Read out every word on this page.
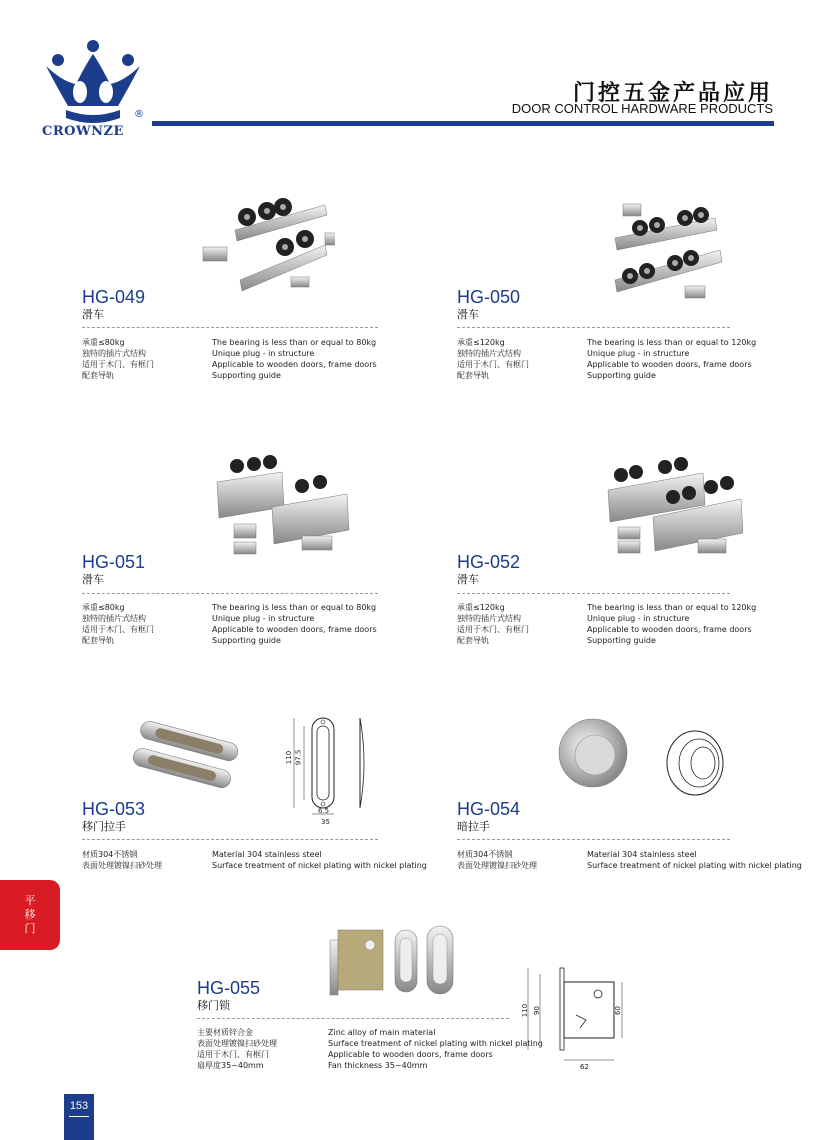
CROWNZE
®
门控五金产品应用
DOOR CONTROL HARDWARE PRODUCTS
110 97.5
6.5
35
110 90	60
62
HG-049
滑车
承重≤80kg
独特的插片式结构
适用于木门、有框门
配套导轨
The bearing is less than or equal to 80kg
Unique plug - in structure
Applicable to wooden doors, frame doors
Supporting guide
HG-050
滑车
承重≤120kg
独特的插片式结构
适用于木门、有框门
配套导轨
The bearing is less than or equal to 120kg
Unique plug - in structure
Applicable to wooden doors, frame doors
Supporting guide
HG-051
滑车
承重≤80kg
独特的插片式结构
适用于木门、有框门
配套导轨
The bearing is less than or equal to 80kg
Unique plug - in structure
Applicable to wooden doors, frame doors
Supporting guide
HG-052
滑车
承重≤120kg
独特的插片式结构
适用于木门、有框门
配套导轨
The bearing is less than or equal to 120kg
Unique plug - in structure
Applicable to wooden doors, frame doors
Supporting guide
HG-053
移门拉手
材质304不锈钢
表面处理镀镍扫砂处理
Material 304 stainless steel
Surface treatment of nickel plating with nickel plating
HG-054
暗拉手
材质304不锈钢
表面处理镀镍扫砂处理
Material 304 stainless steel
Surface treatment of nickel plating with nickel plating
HG-055
移门锁
主要材质锌合金
表面处理镀镍扫砂处理
适用于木门、有框门
扇厚度35~40mm
Zinc alloy of main material
Surface treatment of nickel plating with nickel plating
Applicable to wooden doors, frame doors
Fan thickness 35~40mm
平
移
门
153
